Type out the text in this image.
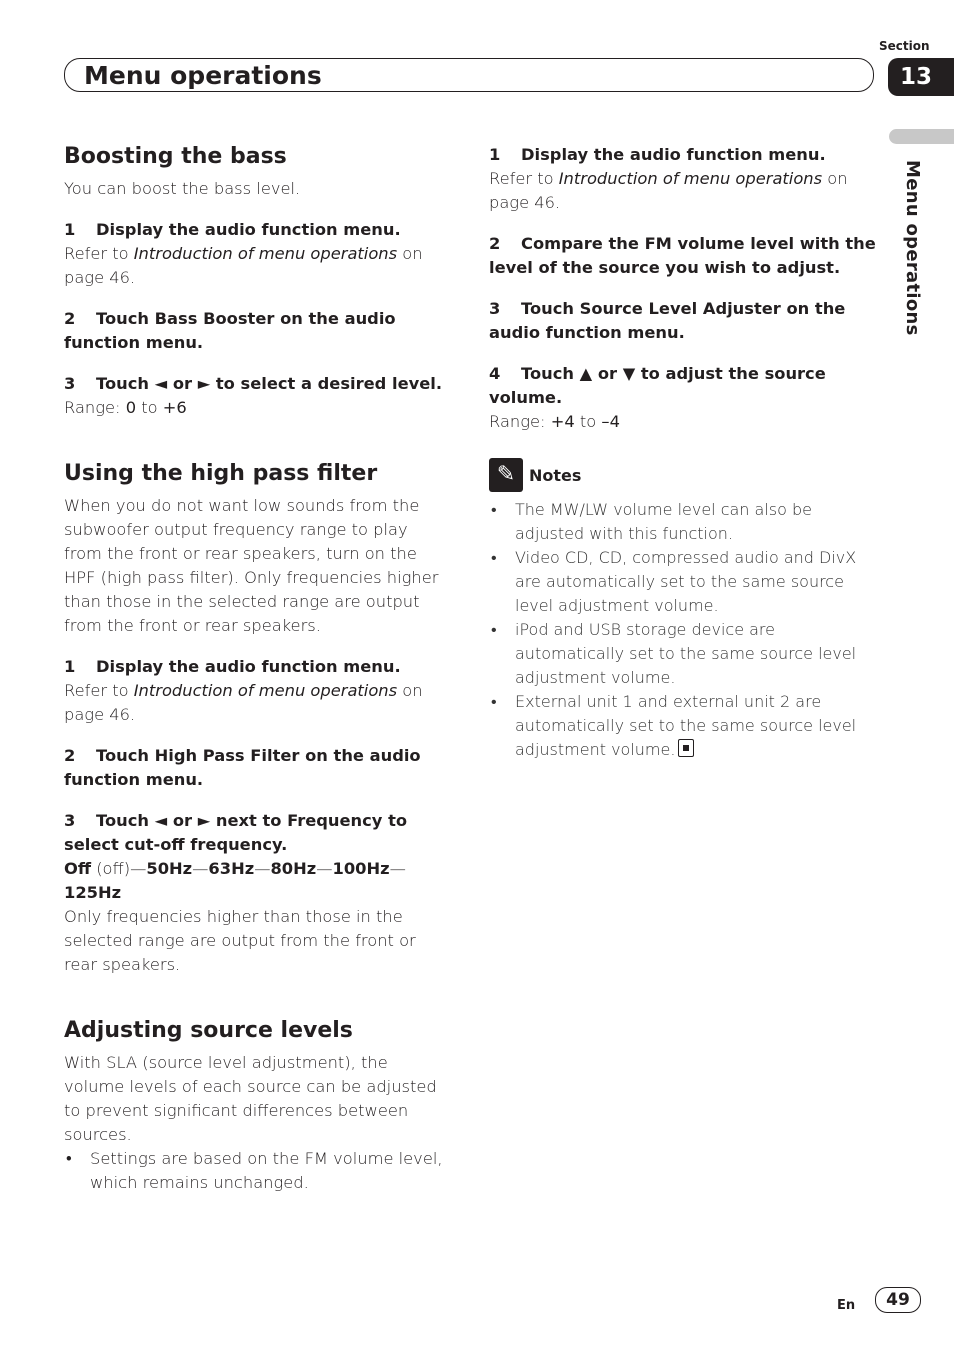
Section
Menu operations	13
Menu operations
Boosting the bass

You can boost the bass level.

1 Display the audio function menu.

Refer to Introduction of menu operations on page 46.

2 Touch Bass Booster on the audio function menu.

3 Touch ◄ or ► to select a desired level.

Range: 0 to +6

Using the high pass filter

When you do not want low sounds from the subwoofer output frequency range to play from the front or rear speakers, turn on the HPF (high pass filter). Only frequencies higher than those in the selected range are output from the front or rear speakers.

1 Display the audio function menu.

Refer to Introduction of menu operations on page 46.

2 Touch High Pass Filter on the audio function menu.

3 Touch ◄ or ► next to Frequency to select cut-off frequency.

Off (off)—50Hz—63Hz—80Hz—100Hz—
125Hz

Only frequencies higher than those in the selected range are output from the front or rear speakers.

Adjusting source levels

With SLA (source level adjustment), the volume levels of each source can be adjusted to prevent significant differences between sources.

• Settings are based on the FM volume level, which remains unchanged.

1 Display the audio function menu.

Refer to Introduction of menu operations on page 46.

2 Compare the FM volume level with the level of the source you wish to adjust.

3 Touch Source Level Adjuster on the audio function menu.

4 Touch ▲ or ▼ to adjust the source volume.

Range: +4 to –4

✎ Notes
• The MW/LW volume level can also be adjusted with this function.
• Video CD, CD, compressed audio and DivX are automatically set to the same source level adjustment volume.
• iPod and USB storage device are automatically set to the same source level adjustment volume.
• External unit 1 and external unit 2 are automatically set to the same source level adjustment volume.
En	49
